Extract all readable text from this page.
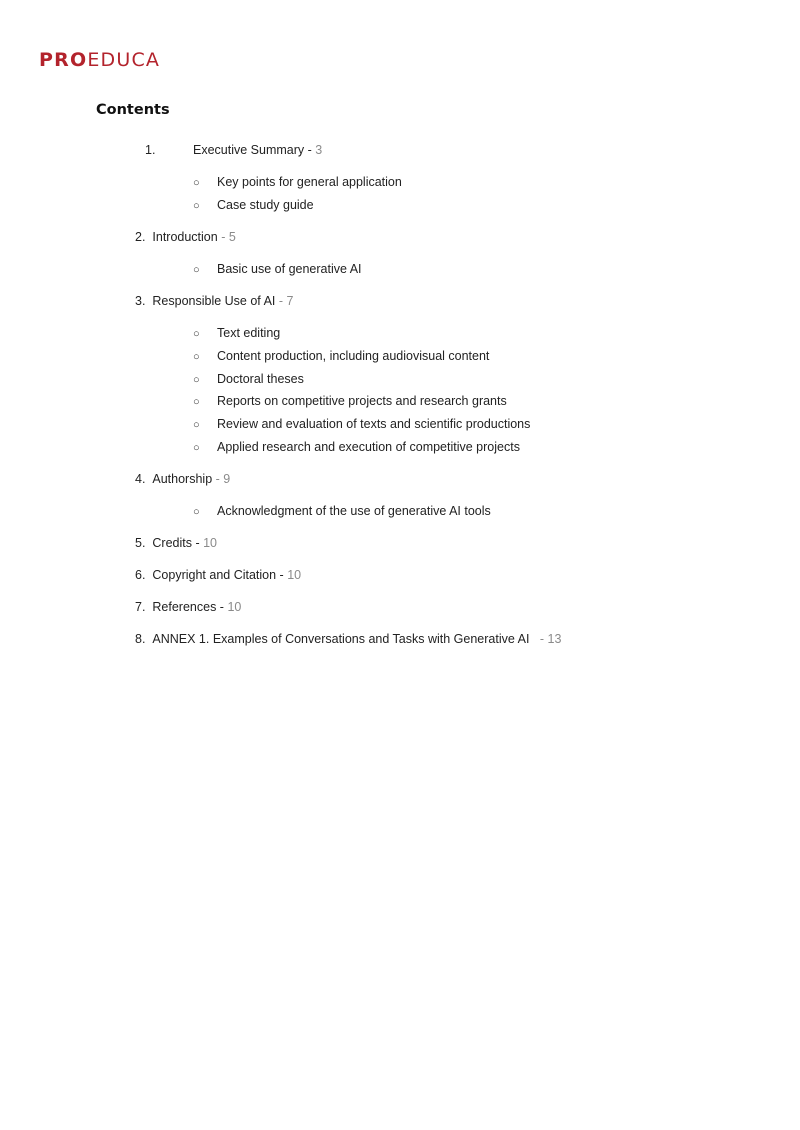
PROEDUCA
Contents
1.	Executive Summary - 3
○ Key points for general application
○ Case study guide
2. Introduction - 5
○ Basic use of generative AI
3. Responsible Use of AI - 7
○ Text editing
○ Content production, including audiovisual content
○ Doctoral theses
○ Reports on competitive projects and research grants
○ Review and evaluation of texts and scientific productions
○ Applied research and execution of competitive projects
4. Authorship - 9
○ Acknowledgment of the use of generative AI tools
5. Credits - 10
6. Copyright and Citation - 10
7. References - 10
8. ANNEX 1. Examples of Conversations and Tasks with Generative AI   - 13
